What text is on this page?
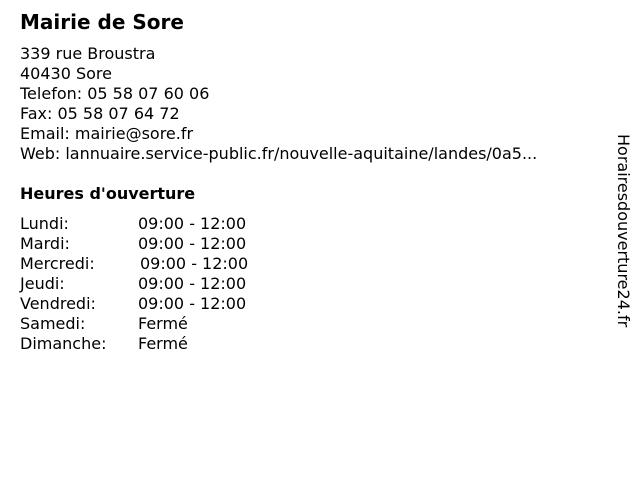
Mairie de Sore
339 rue Broustra
40430 Sore
Telefon: 05 58 07 60 06
Fax: 05 58 07 64 72
Email: mairie@sore.fr
Web: lannuaire.service-public.fr/nouvelle-aquitaine/landes/0a5...
Heures d'ouverture
Lundi:	09:00 - 12:00
Mardi:	09:00 - 12:00
Mercredi:	09:00 - 12:00
Jeudi:	09:00 - 12:00
Vendredi:	09:00 - 12:00
Samedi:	Fermé
Dimanche: Fermé
Horairesdouverture24.fr
